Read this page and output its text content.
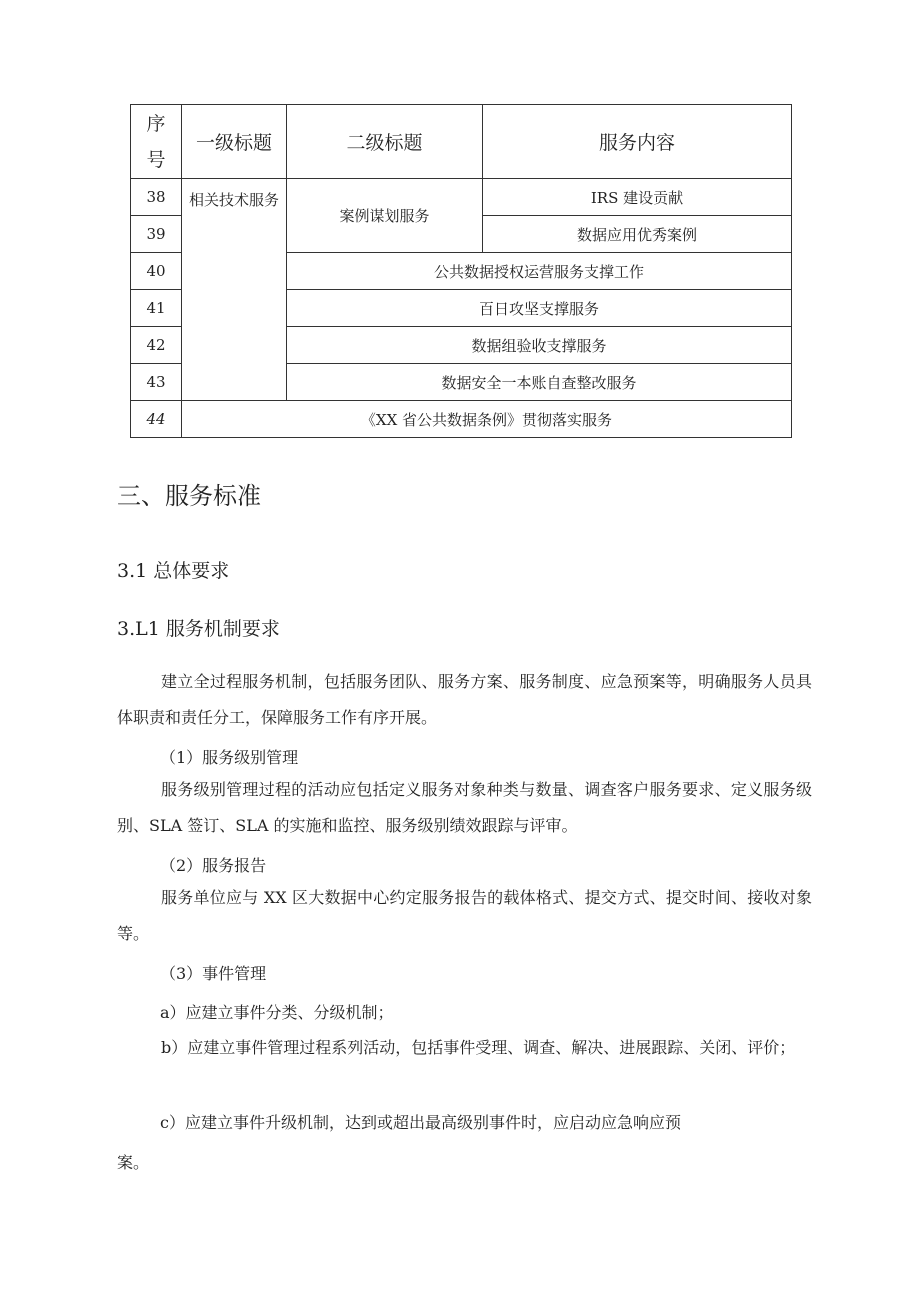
序
号	一级标题	二级标题	服务内容
38	相关技术服务	案例谋划服务	IRS 建设贡献
39			数据应用优秀案例
40		公共数据授权运营服务支撑工作	
41		百日攻坚支撑服务	
42		数据组验收支撑服务	
43		数据安全一本账自查整改服务	
44	《XX 省公共数据条例》贯彻落实服务		
三、服务标准
3.1 总体要求
3.L1 服务机制要求
建立全过程服务机制，包括服务团队、服务方案、服务制度、应急预案等，明确服务人员具体职责和责任分工，保障服务工作有序开展。
（1）服务级别管理
服务级别管理过程的活动应包括定义服务对象种类与数量、调查客户服务要求、定义服务级别、SLA 签订、SLA 的实施和监控、服务级别绩效跟踪与评审。
（2）服务报告
服务单位应与 XX 区大数据中心约定服务报告的载体格式、提交方式、提交时间、接收对象等。
（3）事件管理
a）应建立事件分类、分级机制；
b）应建立事件管理过程系列活动，包括事件受理、调查、解决、进展跟踪、关闭、评价；
c）应建立事件升级机制，达到或超出最高级别事件时，应启动应急响应预
案。
